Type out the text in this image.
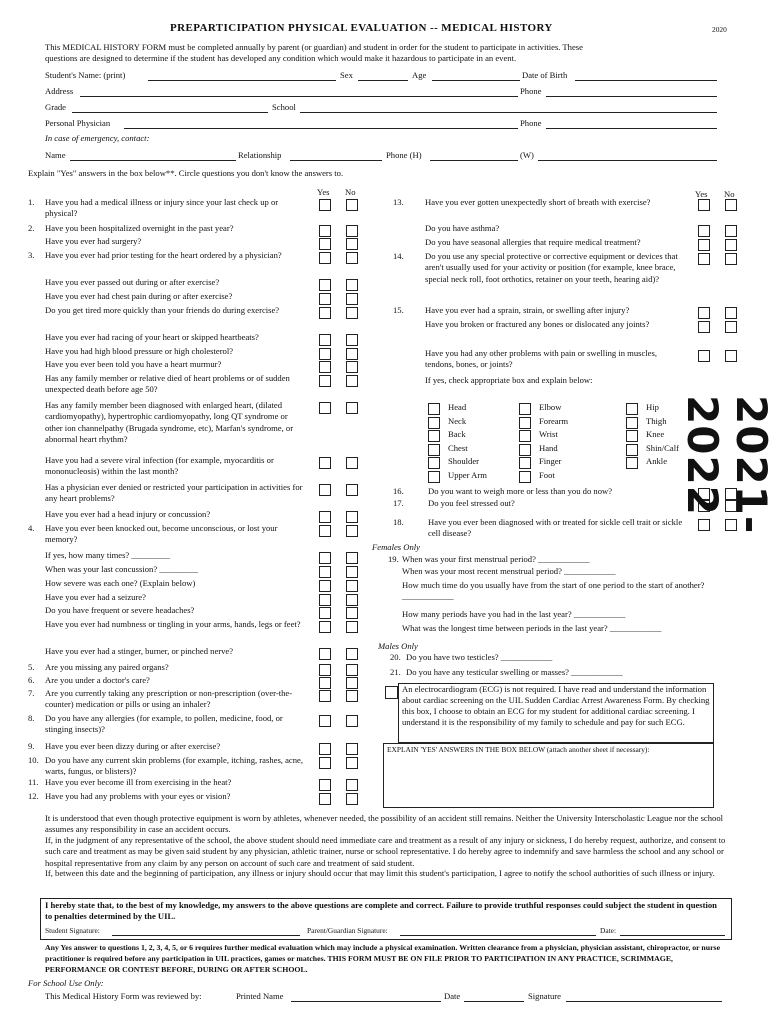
PREPARTICIPATION PHYSICAL EVALUATION -- MEDICAL HISTORY	2020
This MEDICAL HISTORY FORM must be completed annually by parent (or guardian) and student in order for the student to participate in activities. These
questions are designed to determine if the student has developed any condition which would make it hazardous to participate in an event.
Student's Name: (print)	Sex	Age	Date of Birth
Address	Phone
Grade	School
Personal Physician	Phone
In case of emergency, contact:
Name	Relationship	Phone (H)	(W)
Explain "Yes" answers in the box below**. Circle questions you don't know the answers to.
Yes No	Yes No
1. Have you had a medical illness or injury since your last check up or physical?
2. Have you been hospitalized overnight in the past year?
Have you ever had surgery?
3. Have you ever had prior testing for the heart ordered by a physician?
Have you ever passed out during or after exercise?
Have you ever had chest pain during or after exercise?
Do you get tired more quickly than your friends do during exercise?
Have you ever had racing of your heart or skipped heartbeats?
Have you had high blood pressure or high cholesterol?
Have you ever been told you have a heart murmur?
Has any family member or relative died of heart problems or of sudden unexpected death before age 50?
Has any family member been diagnosed with enlarged heart, (dilated cardiomyopathy), hypertrophic cardiomyopathy, long QT syndrome or other ion channelpathy (Brugada syndrome, etc), Marfan's syndrome, or abnormal heart rhythm?
Have you had a severe viral infection (for example, myocarditis or mononucleosis) within the last month?
Has a physician ever denied or restricted your participation in activities for any heart problems?
Have you ever had a head injury or concussion?
4. Have you ever been knocked out, become unconscious, or lost your memory?
If yes, how many times? _________
When was your last concussion? _________
How severe was each one? (Explain below)
Have you ever had a seizure?
Do you have frequent or severe headaches?
Have you ever had numbness or tingling in your arms, hands, legs or feet?
Have you ever had a stinger, burner, or pinched nerve?
5. Are you missing any paired organs?
6. Are you under a doctor's care?
7. Are you currently taking any prescription or non-prescription (over-the-counter) medication or pills or using an inhaler?
8. Do you have any allergies (for example, to pollen, medicine, food, or stinging insects)?
9. Have you ever been dizzy during or after exercise?
10. Do you have any current skin problems (for example, itching, rashes, acne, warts, fungus, or blisters)?
11. Have you ever become ill from exercising in the heat?
12. Have you had any problems with your eyes or vision?
13. Have you ever gotten unexpectedly short of breath with exercise?
Do you have asthma?
Do you have seasonal allergies that require medical treatment?
14. Do you use any special protective or corrective equipment or devices that aren't usually used for your activity or position (for example, knee brace, special neck roll, foot orthotics, retainer on your teeth, hearing aid)?
15. Have you ever had a sprain, strain, or swelling after injury?
Have you broken or fractured any bones or dislocated any joints?
Have you had any other problems with pain or swelling in muscles, tendons, bones, or joints?
If yes, check appropriate box and explain below:
16.	Do you want to weigh more or less than you do now?
17.	Do you feel stressed out?
18.	Have you ever been diagnosed with or treated for sickle cell trait or sickle cell disease?
Head	Elbow	Hip
Neck	Forearm	Thigh
Back	Wrist	Knee
Chest	Hand	Shin/Calf
Shoulder	Finger	Ankle
Upper Arm	Foot
Females Only
19. When was your first menstrual period? ____________
When was your most recent menstrual period? ____________
How much time do you usually have from the start of one period to the start of another? ____________
How many periods have you had in the last year? ____________
What was the longest time between periods in the last year? ____________
Males Only
20. Do you have two testicles? ____________
21. Do you have any testicular swelling or masses? ____________
An electrocardiogram (ECG) is not required. I have read and understand the information about cardiac screening on the UIL Sudden Cardiac Arrest Awareness Form. By checking this box, I choose to obtain an ECG for my student for additional cardiac screening. I understand it is the responsibility of my family to schedule and pay for such ECG.
EXPLAIN 'YES' ANSWERS IN THE BOX BELOW (attach another sheet if necessary):
It is understood that even though protective equipment is worn by athletes, whenever needed, the possibility of an accident still remains. Neither the University Interscholastic League nor the school assumes any responsibility in case an accident occurs.
If, in the judgment of any representative of the school, the above student should need immediate care and treatment as a result of any injury or sickness, I do hereby request, authorize, and consent to such care and treatment as may be given said student by any physician, athletic trainer, nurse or school representative. I do hereby agree to indemnify and save harmless the school and any school or hospital representative from any claim by any person on account of such care and treatment of said student.
If, between this date and the beginning of participation, any illness or injury should occur that may limit this student's participation, I agree to notify the school authorities of such illness or injury.
I hereby state that, to the best of my knowledge, my answers to the above questions are complete and correct. Failure to provide truthful responses could subject the student in question to penalties determined by the UIL.
Student Signature:	Parent/Guardian Signature:	Date:
Any Yes answer to questions 1, 2, 3, 4, 5, or 6 requires further medical evaluation which may include a physical examination. Written clearance from a physician, physician assistant, chiropractor, or nurse practitioner is required before any participation in UIL practices, games or matches. THIS FORM MUST BE ON FILE PRIOR TO PARTICIPATION IN ANY PRACTICE, SCRIMMAGE, PERFORMANCE OR CONTEST BEFORE, DURING OR AFTER SCHOOL.
For School Use Only:
This Medical History Form was reviewed by:	Printed Name	Date	Signature
2021-2022
